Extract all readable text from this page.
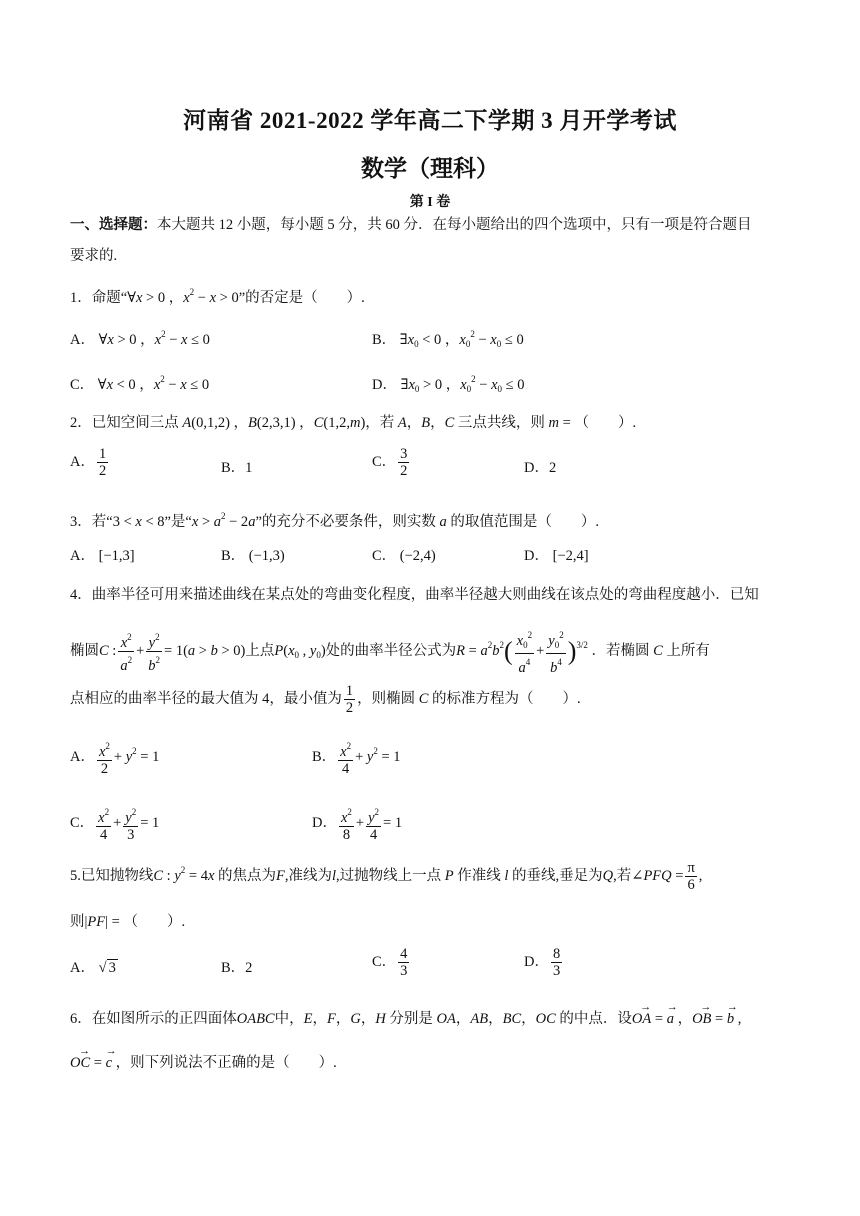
河南省 2021-2022 学年高二下学期 3 月开学考试
数学（理科）
第 I 卷
一、选择题：本大题共 12 小题，每小题 5 分，共 60 分．在每小题给出的四个选项中，只有一项是符合题目
要求的.
1．命题“∀x > 0 ，$x^2 - x > 0$”的否定是（　　）.
A． ∀x > 0 ，$x^2 - x \le 0$	B． $\exists x_0 < 0$ ，$x_0^2 - x_0 \le 0$
C． ∀x < 0 ，$x^2 - x \le 0$	D． $\exists x_0 > 0$ ，$x_0^2 - x_0 \le 0$
2．已知空间三点 A(0,1,2) ，B(2,3,1) ，C(1,2,m)，若 A，B，C 三点共线，则 m = （　　）.
A． $\frac{1}{2}$	B．1	C． $\frac{3}{2}$	D．2
3．若“3 < x < 8”是“$x > a^2 - 2a$”的充分不必要条件，则实数 a 的取值范围是（　　）.
A． [−1,3]	B． (−1,3)	C． (−2,4)	D． [−2,4]
4．曲率半径可用来描述曲线在某点处的弯曲变化程度，曲率半径越大则曲线在该点处的弯曲程度越小．已知
椭圆C : $\frac{x^2}{a^2} + \frac{y^2}{b^2} = 1(a > b > 0)$上点$P(x_0$ , $y_0$)处的曲率半径公式为$R = a^2b^2( \frac{x_0^2}{a^4} + \frac{y_0^2}{b^4} )^{3/2}$ ．若椭圆 C 上所有
点相应的曲率半径的最大值为 4，最小值为 $\frac{1}{2}$ ，则椭圆 C 的标准方程为（　　）.
A． $\frac{x^2}{2} + y^2 = 1$	B． $\frac{x^2}{4} + y^2 = 1$
C． $\frac{x^2}{4} + \frac{y^2}{3} = 1$	D． $\frac{x^2}{8} + \frac{y^2}{4} = 1$
5.已知抛物线C : $y^2 = 4x$ 的焦点为F,准线为l,过抛物线上一点 P 作准线 l 的垂线,垂足为Q,若∠PFQ = $\frac{\pi}{6}$ ,
则|PF| = （　　）.
A． √ 3	B．2	C． $\frac{4}{3}$	D． $\frac{8}{3}$
6．在如图所示的正四面体OABC中，E，F，G，H 分别是 OA，AB，BC，OC 的中点．设→ OA = → a ，→ OB = → b ,
→ OC = → c ，则下列说法不正确的是（　　）.
